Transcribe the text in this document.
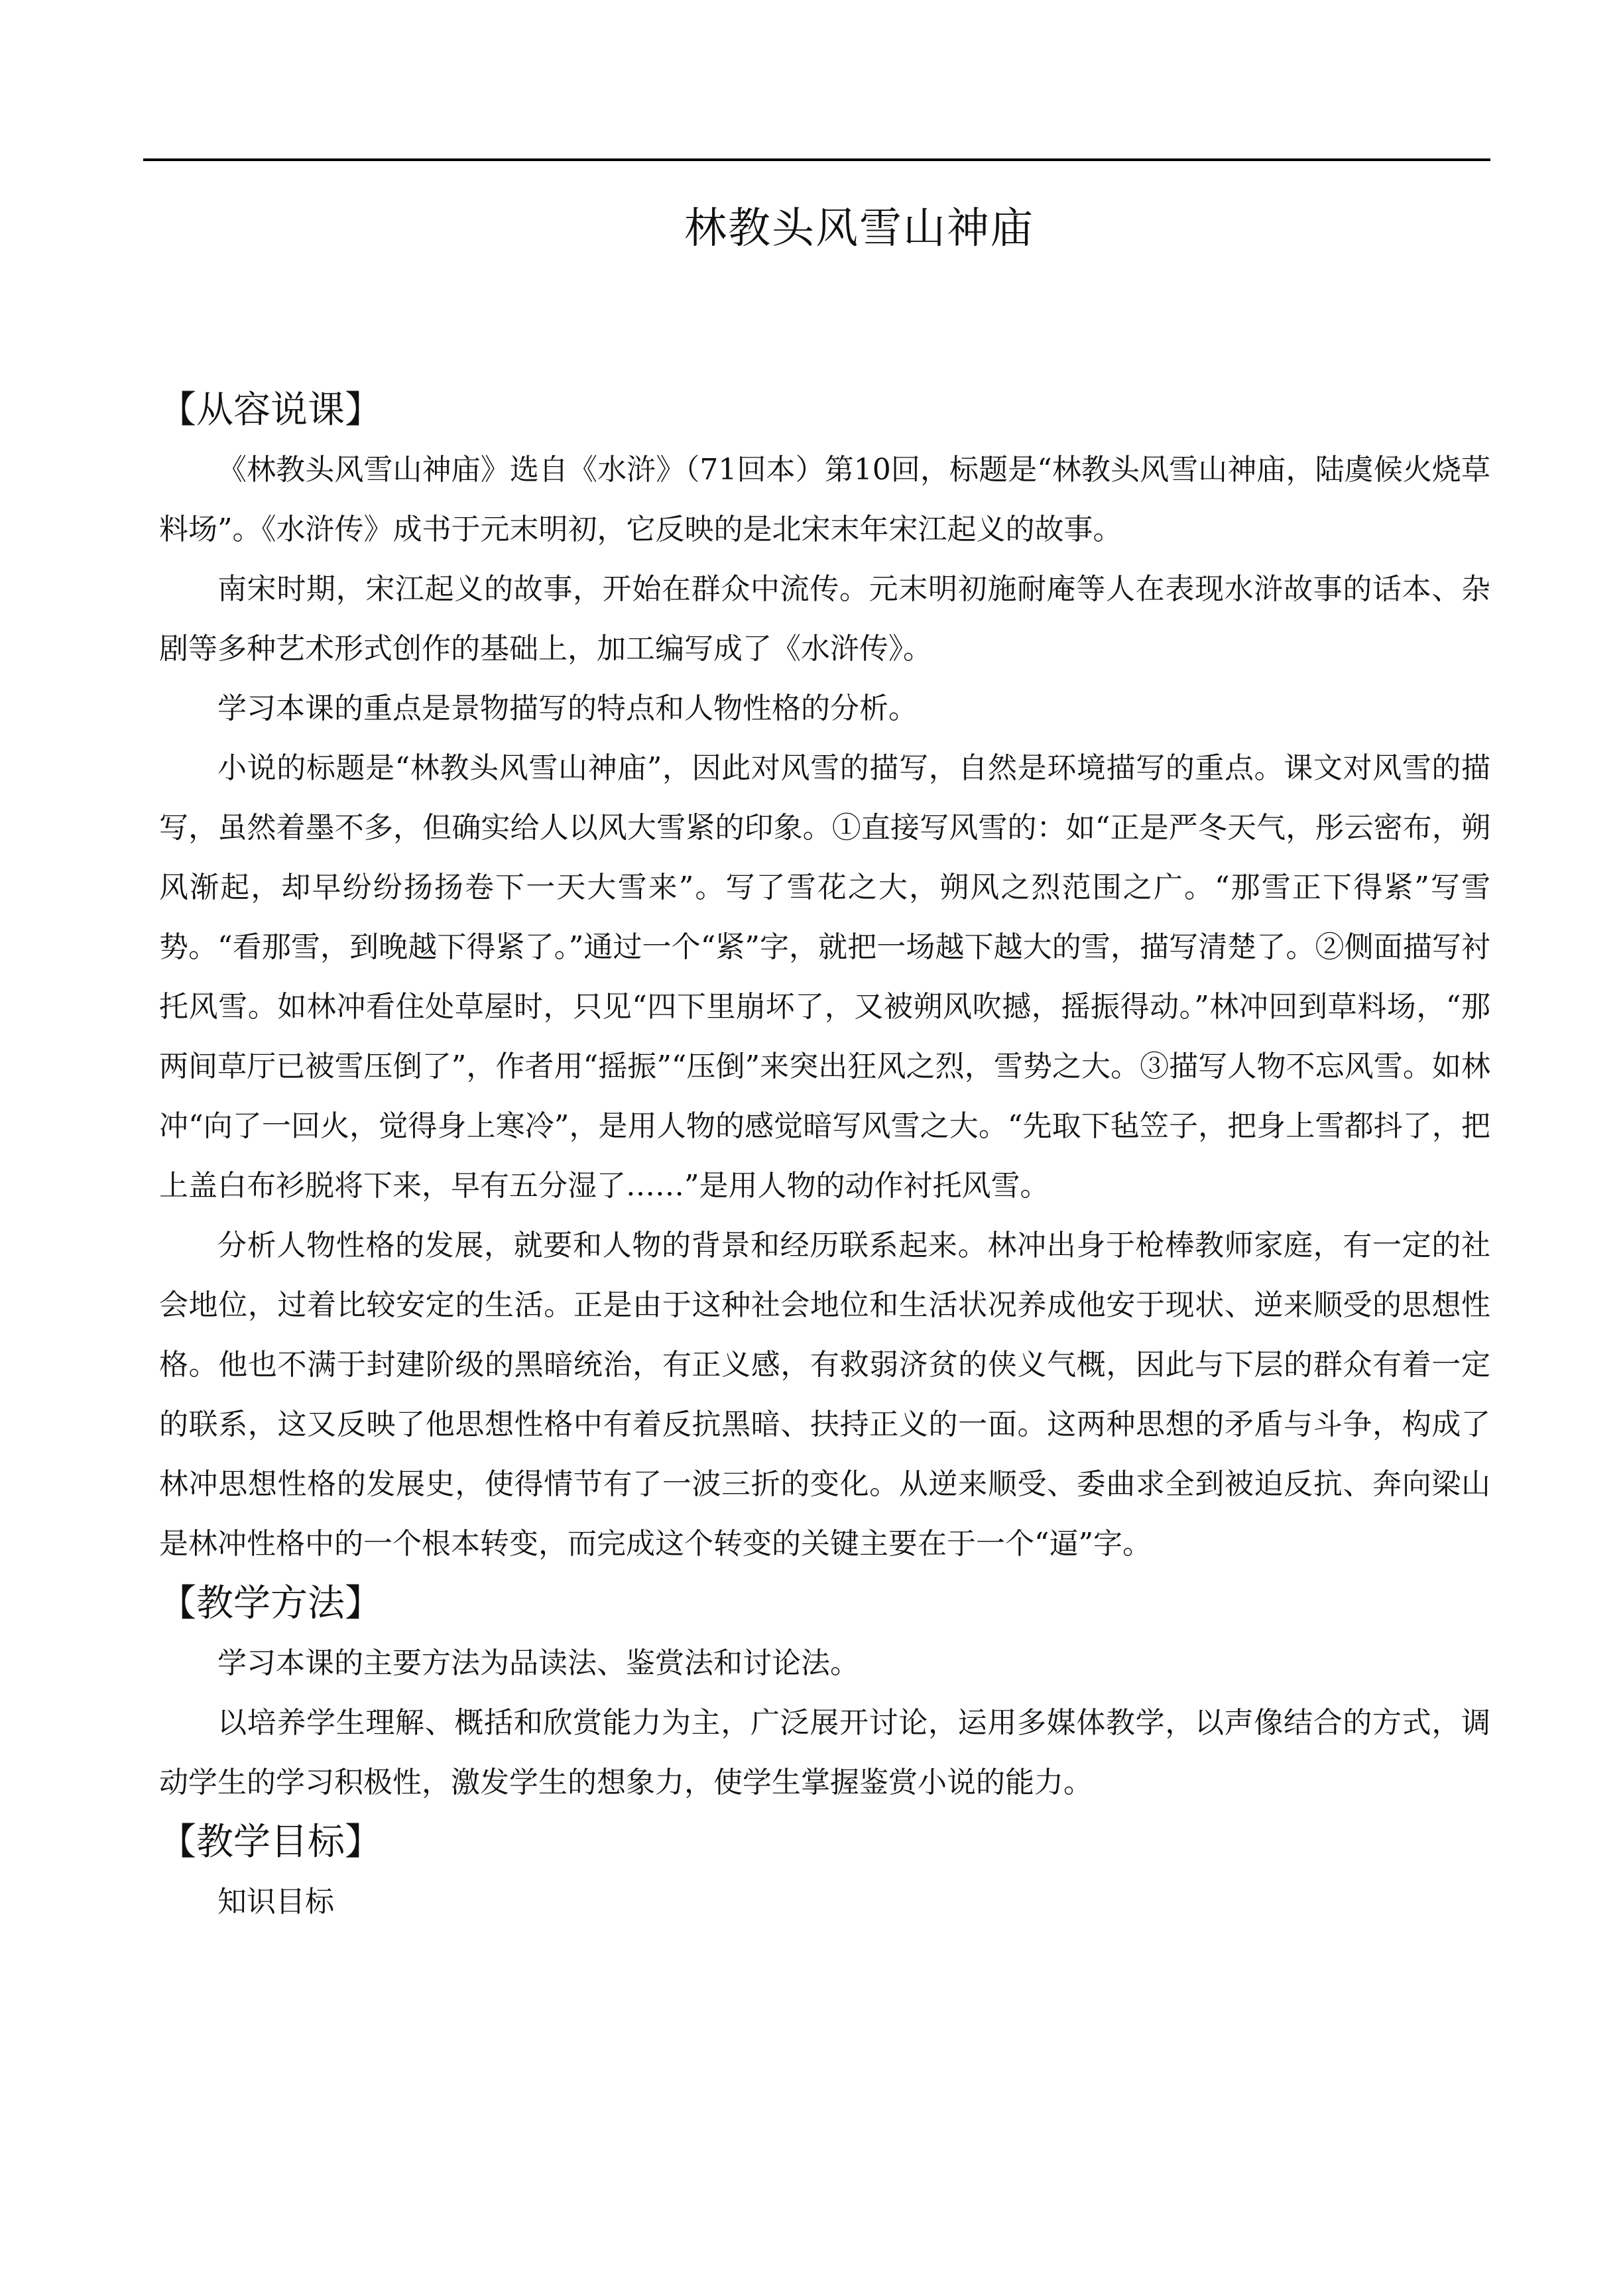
林教头风雪山神庙
【从容说课】

《林教头风雪山神庙》选自《水浒》（71回本）第10回，标题是“林教头风雪山神庙，陆虞候火烧草料场”。《水浒传》成书于元末明初，它反映的是北宋末年宋江起义的故事。

南宋时期，宋江起义的故事，开始在群众中流传。元末明初施耐庵等人在表现水浒故事的话本、杂剧等多种艺术形式创作的基础上，加工编写成了《水浒传》。

学习本课的重点是景物描写的特点和人物性格的分析。

小说的标题是“林教头风雪山神庙”，因此对风雪的描写，自然是环境描写的重点。课文对风雪的描写，虽然着墨不多，但确实给人以风大雪紧的印象。①直接写风雪的：如“正是严冬天气，彤云密布，朔风渐起，却早纷纷扬扬卷下一天大雪来”。写了雪花之大，朔风之烈范围之广。“那雪正下得紧”写雪势。“看那雪，到晚越下得紧了。”通过一个“紧”字，就把一场越下越大的雪，描写清楚了。②侧面描写衬托风雪。如林冲看住处草屋时，只见“四下里崩坏了，又被朔风吹撼，摇振得动。”林冲回到草料场，“那两间草厅已被雪压倒了”，作者用“摇振”“压倒”来突出狂风之烈，雪势之大。③描写人物不忘风雪。如林冲“向了一回火，觉得身上寒冷”，是用人物的感觉暗写风雪之大。“先取下毡笠子，把身上雪都抖了，把上盖白布衫脱将下来，早有五分湿了……”是用人物的动作衬托风雪。

分析人物性格的发展，就要和人物的背景和经历联系起来。林冲出身于枪棒教师家庭，有一定的社会地位，过着比较安定的生活。正是由于这种社会地位和生活状况养成他安于现状、逆来顺受的思想性格。他也不满于封建阶级的黑暗统治，有正义感，有救弱济贫的侠义气概，因此与下层的群众有着一定的联系，这又反映了他思想性格中有着反抗黑暗、扶持正义的一面。这两种思想的矛盾与斗争，构成了林冲思想性格的发展史，使得情节有了一波三折的变化。从逆来顺受、委曲求全到被迫反抗、奔向梁山是林冲性格中的一个根本转变，而完成这个转变的关键主要在于一个“逼”字。

【教学方法】

学习本课的主要方法为品读法、鉴赏法和讨论法。

以培养学生理解、概括和欣赏能力为主，广泛展开讨论，运用多媒体教学，以声像结合的方式，调动学生的学习积极性，激发学生的想象力，使学生掌握鉴赏小说的能力。

【教学目标】

知识目标
